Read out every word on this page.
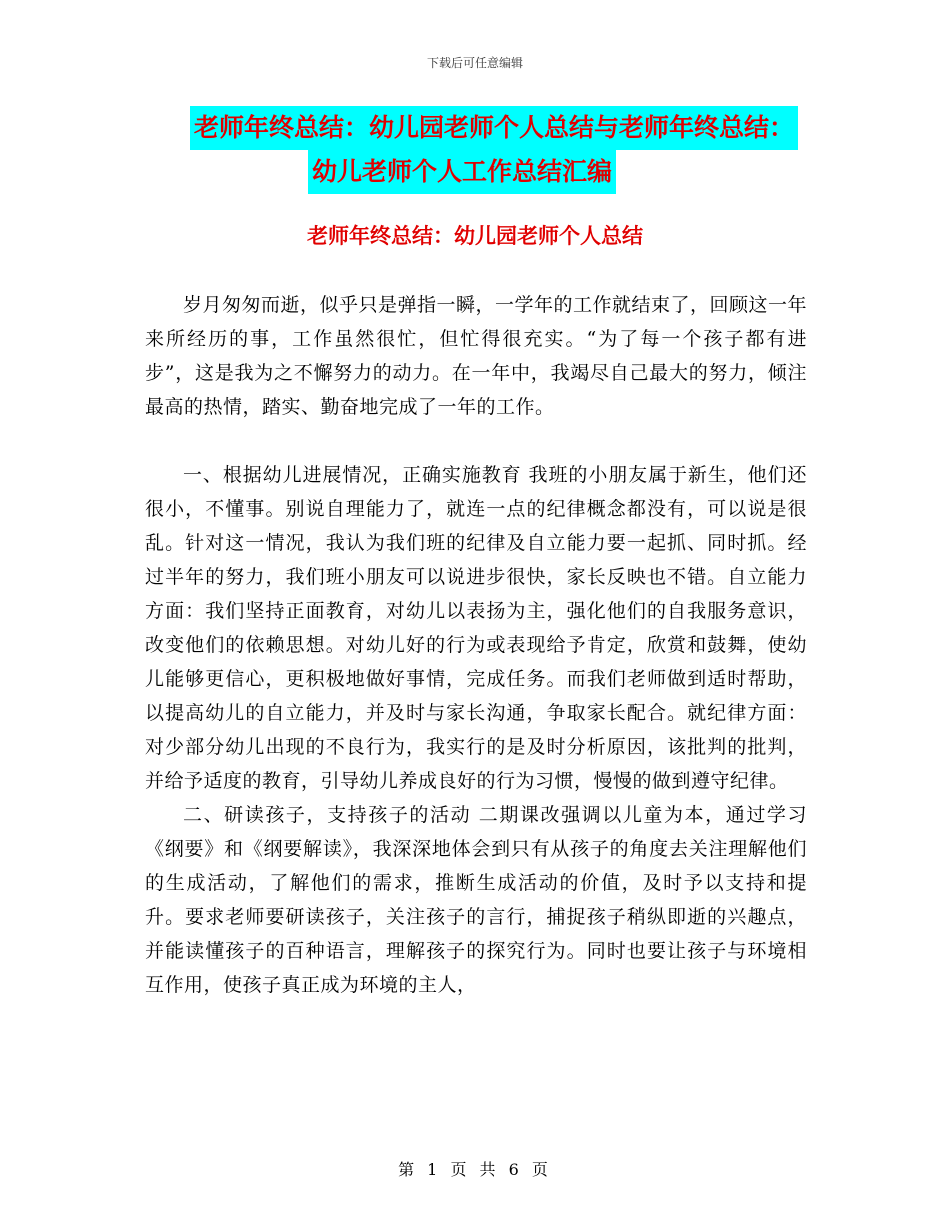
下载后可任意编辑
老师年终总结：幼儿园老师个人总结与老师年终总结：
幼儿老师个人工作总结汇编
老师年终总结：幼儿园老师个人总结

岁月匆匆而逝，似乎只是弹指一瞬，一学年的工作就结束了，回顾这一年来所经历的事，工作虽然很忙，但忙得很充实。“为了每一个孩子都有进步”，这是我为之不懈努力的动力。在一年中，我竭尽自己最大的努力，倾注最高的热情，踏实、勤奋地完成了一年的工作。

一、根据幼儿进展情况，正确实施教育 我班的小朋友属于新生，他们还很小，不懂事。别说自理能力了，就连一点的纪律概念都没有，可以说是很乱。针对这一情况，我认为我们班的纪律及自立能力要一起抓、同时抓。经过半年的努力，我们班小朋友可以说进步很快，家长反映也不错。自立能力方面：我们坚持正面教育，对幼儿以表扬为主，强化他们的自我服务意识，改变他们的依赖思想。对幼儿好的行为或表现给予肯定，欣赏和鼓舞，使幼儿能够更信心，更积极地做好事情，完成任务。而我们老师做到适时帮助，以提高幼儿的自立能力，并及时与家长沟通，争取家长配合。就纪律方面：对少部分幼儿出现的不良行为，我实行的是及时分析原因，该批判的批判，并给予适度的教育，引导幼儿养成良好的行为习惯，慢慢的做到遵守纪律。

二、研读孩子，支持孩子的活动 二期课改强调以儿童为本，通过学习《纲要》和《纲要解读》，我深深地体会到只有从孩子的角度去关注理解他们的生成活动，了解他们的需求，推断生成活动的价值，及时予以支持和提升。要求老师要研读孩子，关注孩子的言行，捕捉孩子稍纵即逝的兴趣点，并能读懂孩子的百种语言，理解孩子的探究行为。同时也要让孩子与环境相互作用，使孩子真正成为环境的主人，

第 1 页 共 6 页
